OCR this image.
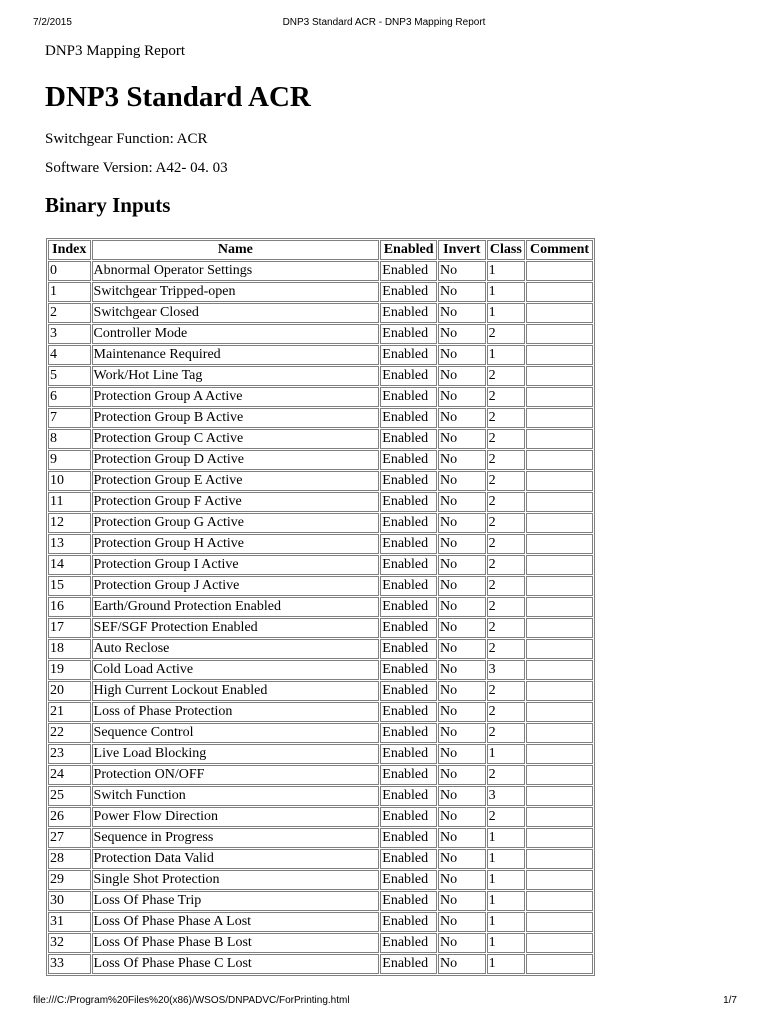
7/2/2015	DNP3 Standard ACR - DNP3 Mapping Report

DNP3 Mapping Report

DNP3 Standard ACR

Switchgear Function: ACR

Software Version: A42- 04. 03

Binary Inputs
Index	Name	Enabled	Invert	Class	Comment
0	Abnormal Operator Settings	Enabled	No	1	
1	Switchgear Tripped-open	Enabled	No	1	
2	Switchgear Closed	Enabled	No	1	
3	Controller Mode	Enabled	No	2	
4	Maintenance Required	Enabled	No	1	
5	Work/Hot Line Tag	Enabled	No	2	
6	Protection Group A Active	Enabled	No	2	
7	Protection Group B Active	Enabled	No	2	
8	Protection Group C Active	Enabled	No	2	
9	Protection Group D Active	Enabled	No	2	
10	Protection Group E Active	Enabled	No	2	
11	Protection Group F Active	Enabled	No	2	
12	Protection Group G Active	Enabled	No	2	
13	Protection Group H Active	Enabled	No	2	
14	Protection Group I Active	Enabled	No	2	
15	Protection Group J Active	Enabled	No	2	
16	Earth/Ground Protection Enabled	Enabled	No	2	
17	SEF/SGF Protection Enabled	Enabled	No	2	
18	Auto Reclose	Enabled	No	2	
19	Cold Load Active	Enabled	No	3	
20	High Current Lockout Enabled	Enabled	No	2	
21	Loss of Phase Protection	Enabled	No	2	
22	Sequence Control	Enabled	No	2	
23	Live Load Blocking	Enabled	No	1	
24	Protection ON/OFF	Enabled	No	2	
25	Switch Function	Enabled	No	3	
26	Power Flow Direction	Enabled	No	2	
27	Sequence in Progress	Enabled	No	1	
28	Protection Data Valid	Enabled	No	1	
29	Single Shot Protection	Enabled	No	1	
30	Loss Of Phase Trip	Enabled	No	1	
31	Loss Of Phase Phase A Lost	Enabled	No	1	
32	Loss Of Phase Phase B Lost	Enabled	No	1	
33	Loss Of Phase Phase C Lost	Enabled	No	1	
file:///C:/Program%20Files%20(x86)/WSOS/DNPADVC/ForPrinting.html	1/7
